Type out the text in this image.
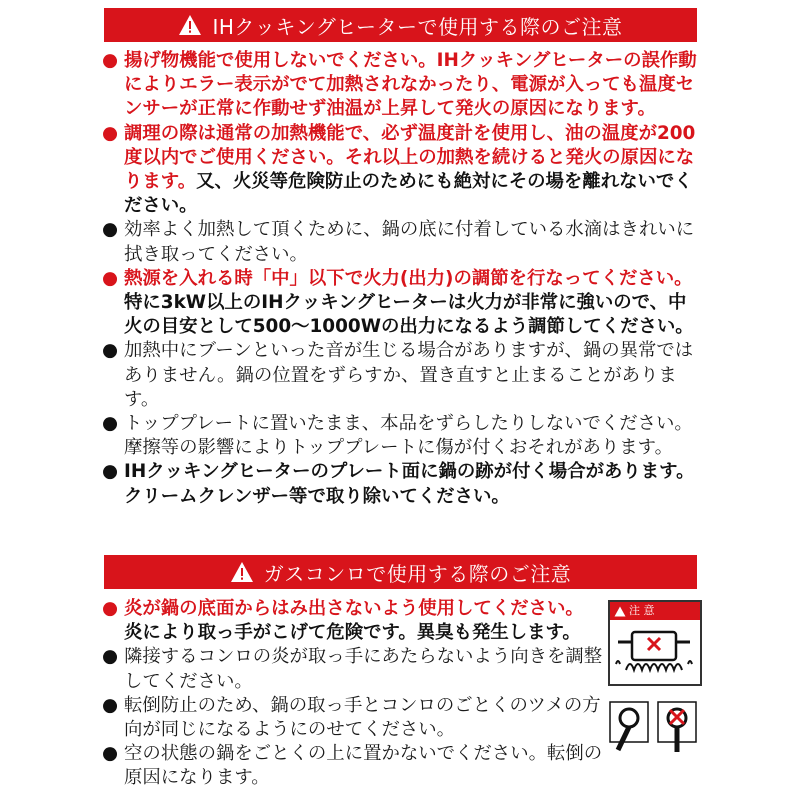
IHクッキングヒーターで使用する際のご注意
● 揚げ物機能で使用しないでください。IHクッキングヒーターの誤作動によりエラー表示がでて加熱されなかったり、電源が入っても温度センサーが正常に作動せず油温が上昇して発火の原因になります。
● 調理の際は通常の加熱機能で、必ず温度計を使用し、油の温度が200度以内でご使用ください。それ以上の加熱を続けると発火の原因になります。又、火災等危険防止のためにも絶対にその場を離れないでください。
● 効率よく加熱して頂くために、鍋の底に付着している水滴はきれいに拭き取ってください。
● 熱源を入れる時「中」以下で火力(出力)の調節を行なってください。特に3kW以上のIHクッキングヒーターは火力が非常に強いので、中火の目安として500～1000Wの出力になるよう調節してください。
● 加熱中にブーンといった音が生じる場合がありますが、鍋の異常ではありません。鍋の位置をずらすか、置き直すと止まることがあります。
● トッププレートに置いたまま、本品をずらしたりしないでください。摩擦等の影響によりトッププレートに傷が付くおそれがあります。
● IHクッキングヒーターのプレート面に鍋の跡が付く場合があります。クリームクレンザー等で取り除いてください。
ガスコンロで使用する際のご注意
● 炎が鍋の底面からはみ出さないよう使用してください。
炎により取っ手がこげて危険です。異臭も発生します。
● 隣接するコンロの炎が取っ手にあたらないよう向きを調整してください。
● 転倒防止のため、鍋の取っ手とコンロのごとくのツメの方向が同じになるようにのせてください。
● 空の状態の鍋をごとくの上に置かないでください。転倒の原因になります。
注 意
